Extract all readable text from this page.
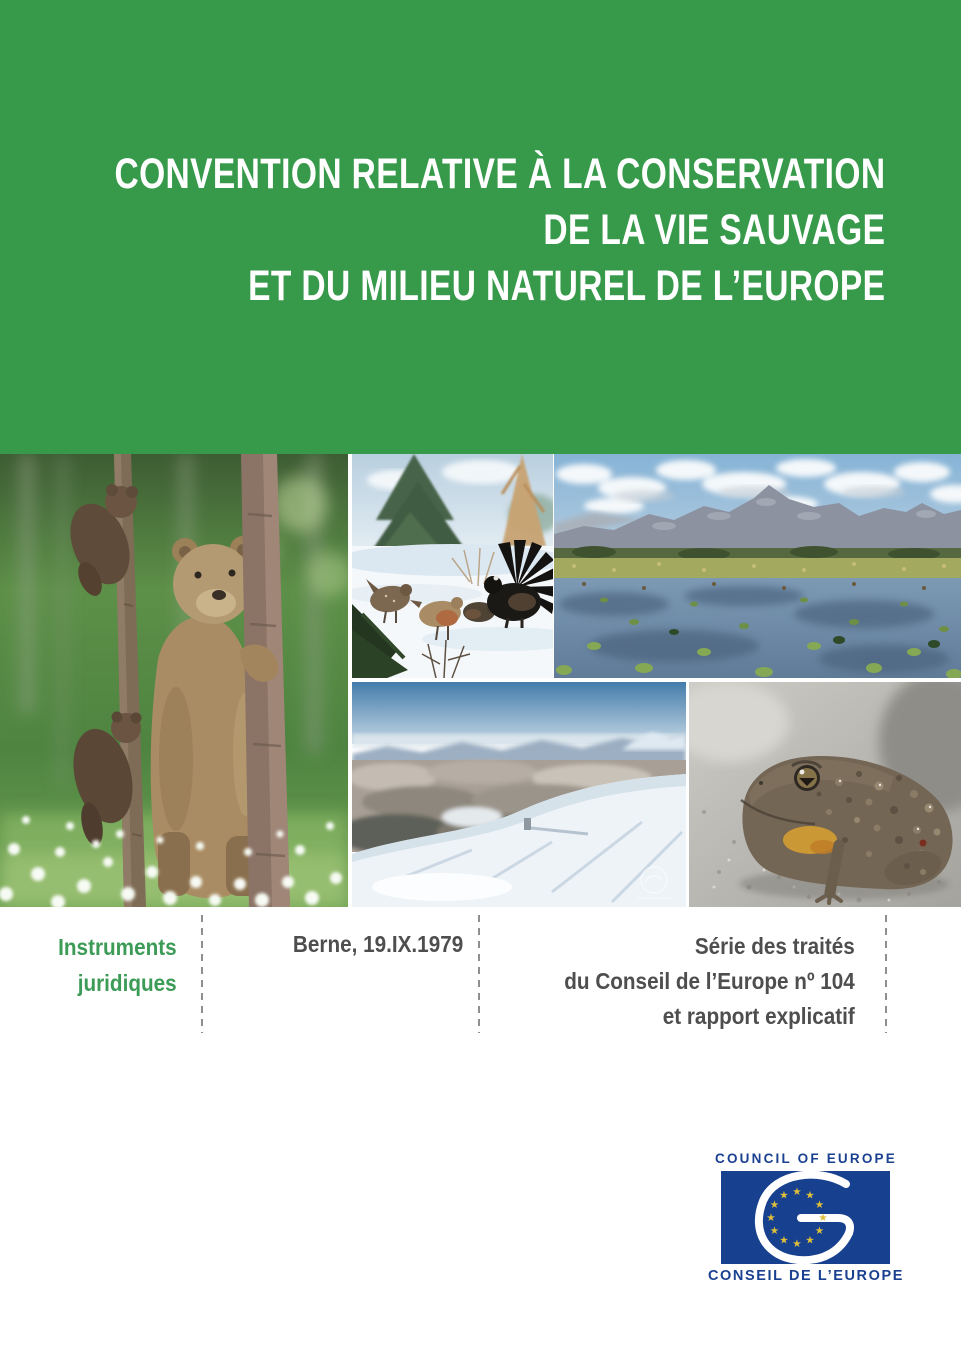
CONVENTION RELATIVE À LA CONSERVATION
DE LA VIE SAUVAGE
ET DU MILIEU NATUREL DE L’EUROPE
Instruments
juridiques
Berne, 19.IX.1979	Série des traités
du Conseil de l’Europe nº 104
et rapport explicatif
COUNCIL OF EUROPE
★
★
★
★
★
★
★
★
★ ★ ★
★
CONSEIL DE L’EUROPE
